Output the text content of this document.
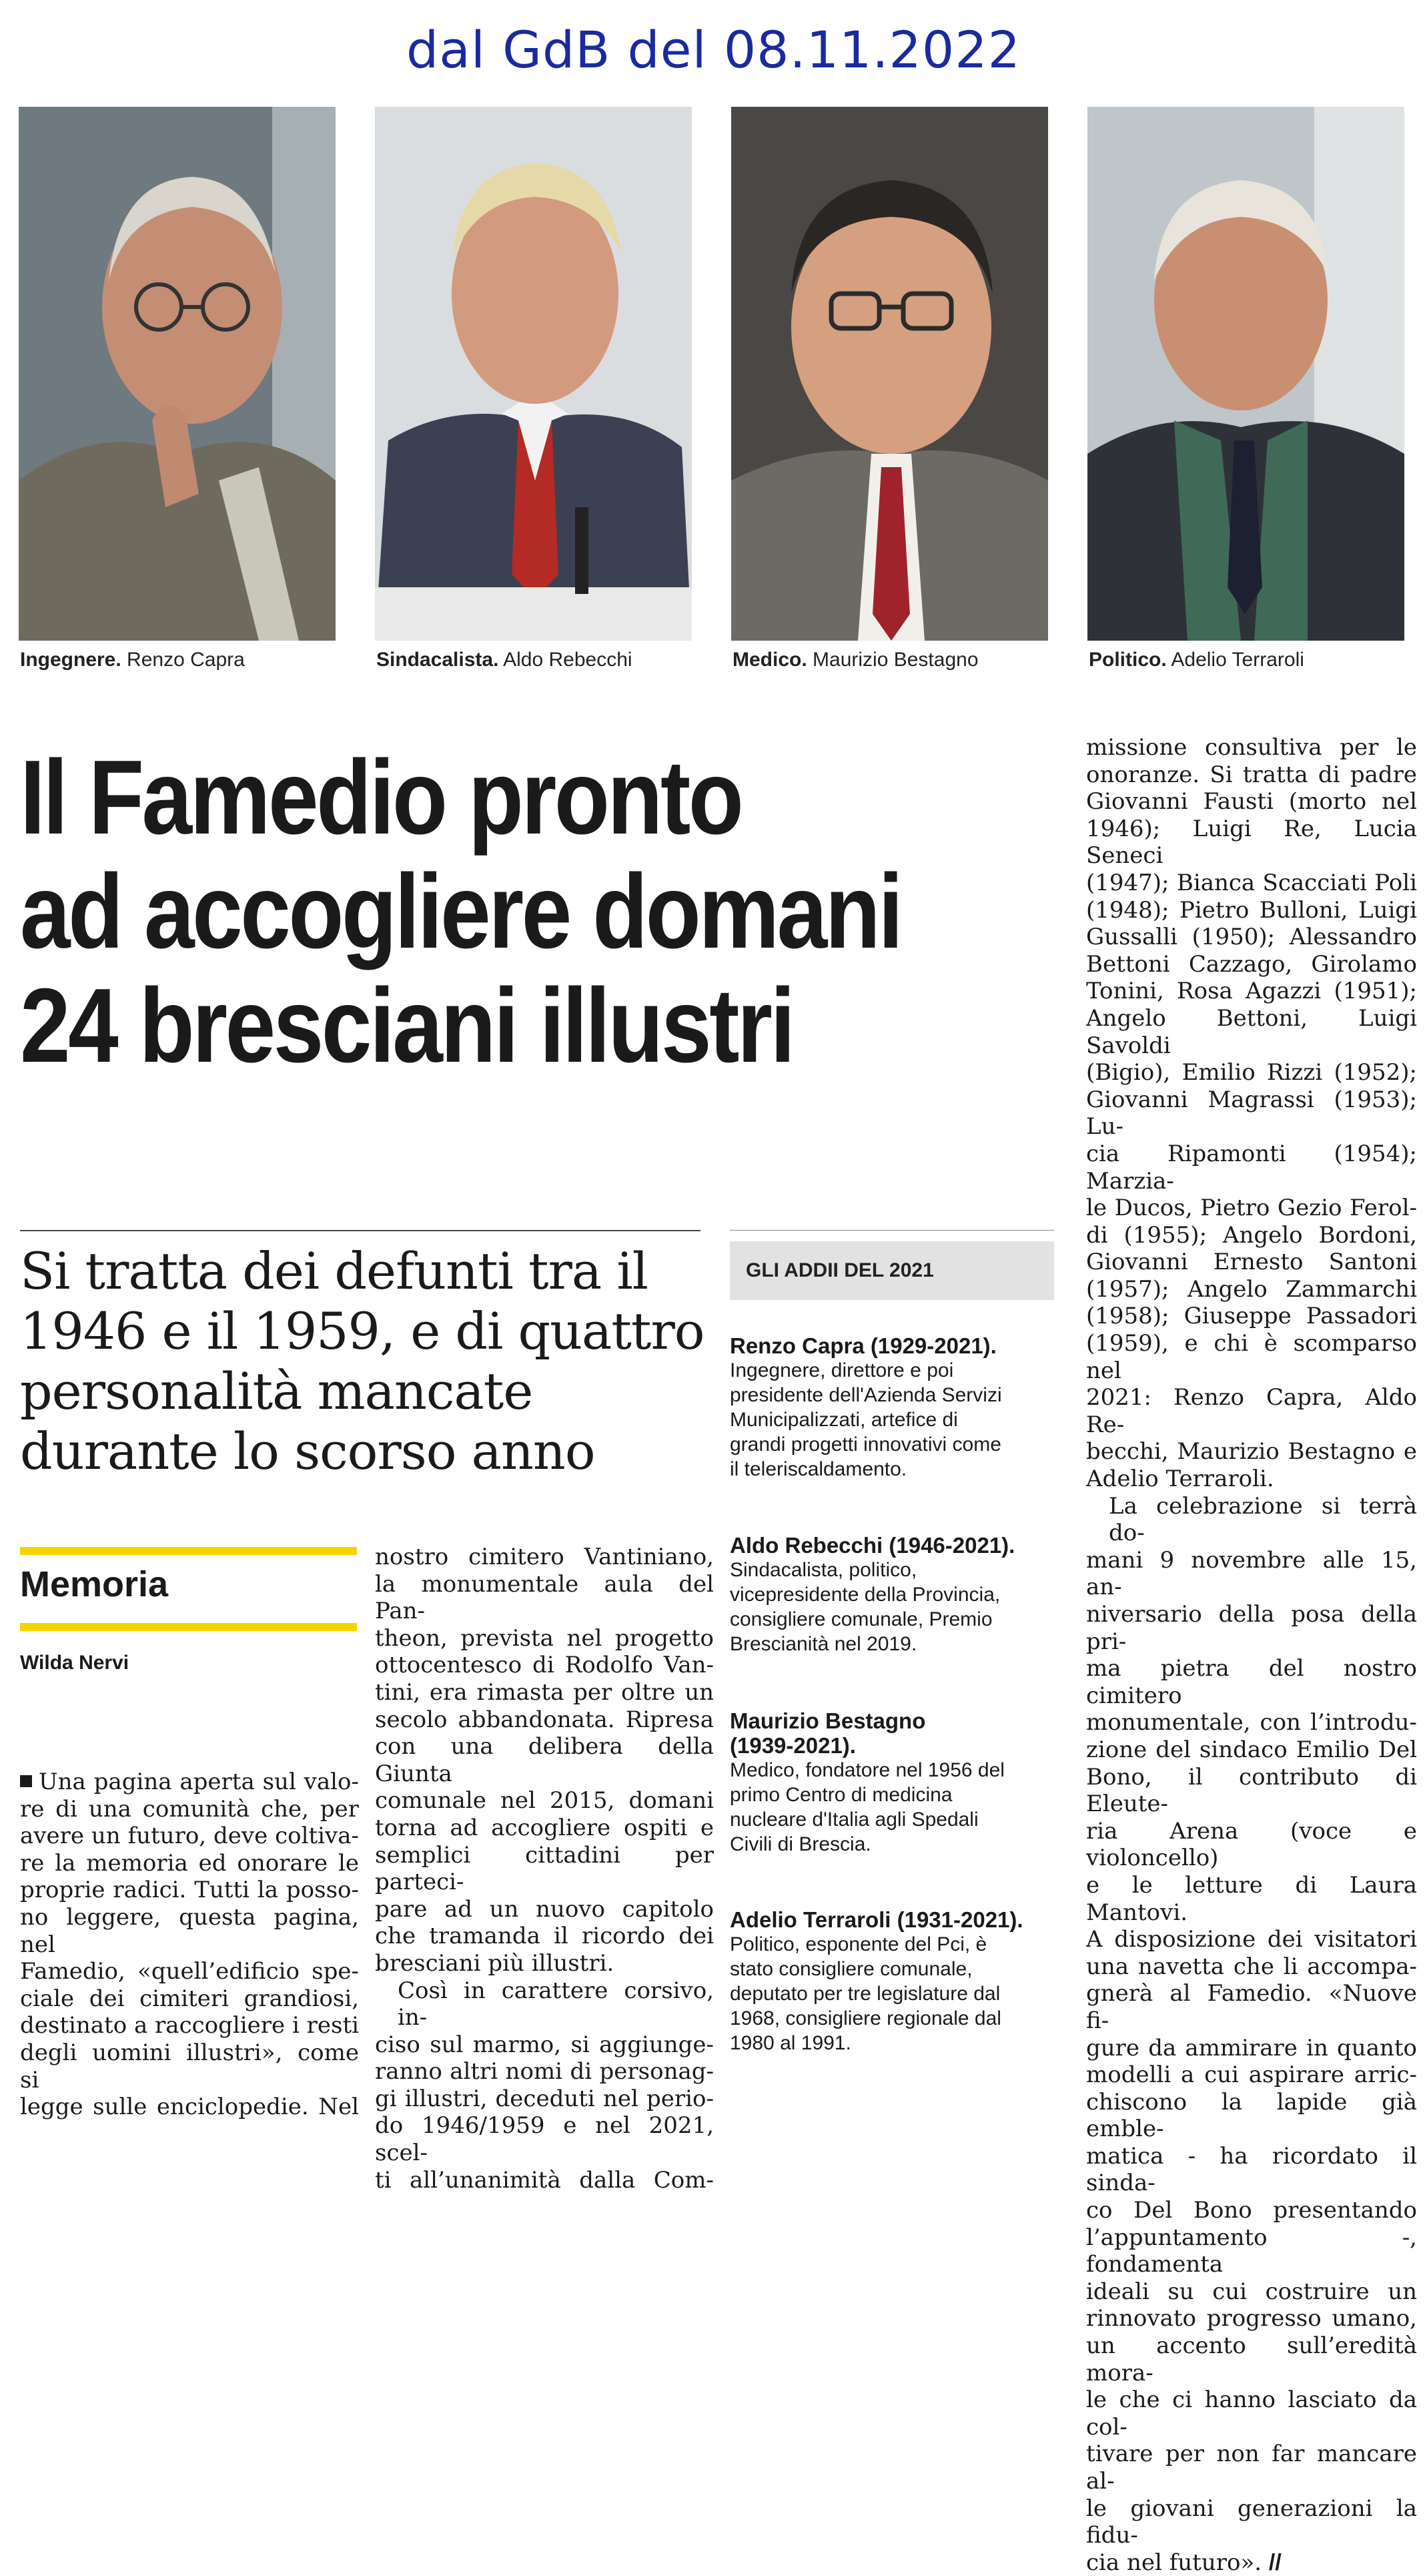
dal GdB del 08.11.2022
Ingegnere. Renzo Capra	Sindacalista. Aldo Rebecchi	Medico. Maurizio Bestagno	Politico. Adelio Terraroli
Il Famedio pronto
ad accogliere domani
24 bresciani illustri
Si tratta dei defunti tra il
1946 e il 1959, e di quattro
personalità mancate
durante lo scorso anno
Memoria
Wilda Nervi
Una pagina aperta sul valo-
re di una comunità che, per
avere un futuro, deve coltiva-
re la memoria ed onorare le
proprie radici. Tutti la posso-
no leggere, questa pagina, nel
Famedio, «quell’edificio spe-
ciale dei cimiteri grandiosi,
destinato a raccogliere i resti
degli uomini illustri», come si
legge sulle enciclopedie. Nel
nostro cimitero Vantiniano,
la monumentale aula del Pan-
theon, prevista nel progetto
ottocentesco di Rodolfo Van-
tini, era rimasta per oltre un
secolo abbandonata. Ripresa
con una delibera della Giunta
comunale nel 2015, domani
torna ad accogliere ospiti e
semplici cittadini per parteci-
pare ad un nuovo capitolo
che tramanda il ricordo dei
bresciani più illustri.
Così in carattere corsivo, in-
ciso sul marmo, si aggiunge-
ranno altri nomi di personag-
gi illustri, deceduti nel perio-
do 1946/1959 e nel 2021, scel-
ti all’unanimità dalla Com-
GLI ADDII DEL 2021
Renzo Capra (1929-2021).
Ingegnere, direttore e poi
presidente dell'Azienda Servizi
Municipalizzati, artefice di
grandi progetti innovativi come
il teleriscaldamento.
Aldo Rebecchi (1946-2021).
Sindacalista, politico,
vicepresidente della Provincia,
consigliere comunale, Premio
Brescianità nel 2019.
Maurizio Bestagno
(1939-2021).
Medico, fondatore nel 1956 del
primo Centro di medicina
nucleare d'Italia agli Spedali
Civili di Brescia.
Adelio Terraroli (1931-2021).
Politico, esponente del Pci, è
stato consigliere comunale,
deputato per tre legislature dal
1968, consigliere regionale dal
1980 al 1991.
missione consultiva per le
onoranze. Si tratta di padre
Giovanni Fausti (morto nel
1946); Luigi Re, Lucia Seneci
(1947); Bianca Scacciati Poli
(1948); Pietro Bulloni, Luigi
Gussalli (1950); Alessandro
Bettoni Cazzago, Girolamo
Tonini, Rosa Agazzi (1951);
Angelo Bettoni, Luigi Savoldi
(Bigio), Emilio Rizzi (1952);
Giovanni Magrassi (1953); Lu-
cia Ripamonti (1954); Marzia-
le Ducos, Pietro Gezio Ferol-
di (1955); Angelo Bordoni,
Giovanni Ernesto Santoni
(1957); Angelo Zammarchi
(1958); Giuseppe Passadori
(1959), e chi è scomparso nel
2021: Renzo Capra, Aldo Re-
becchi, Maurizio Bestagno e
Adelio Terraroli.
La celebrazione si terrà do-
mani 9 novembre alle 15, an-
niversario della posa della pri-
ma pietra del nostro cimitero
monumentale, con l’introdu-
zione del sindaco Emilio Del
Bono, il contributo di Eleute-
ria Arena (voce e violoncello)
e le letture di Laura Mantovi.
A disposizione dei visitatori
una navetta che li accompa-
gnerà al Famedio. «Nuove fi-
gure da ammirare in quanto
modelli a cui aspirare arric-
chiscono la lapide già emble-
matica - ha ricordato il sinda-
co Del Bono presentando
l’appuntamento -, fondamenta
ideali su cui costruire un
rinnovato progresso umano,
un accento sull’eredità mora-
le che ci hanno lasciato da col-
tivare per non far mancare al-
le giovani generazioni la fidu-
cia nel futuro». //
